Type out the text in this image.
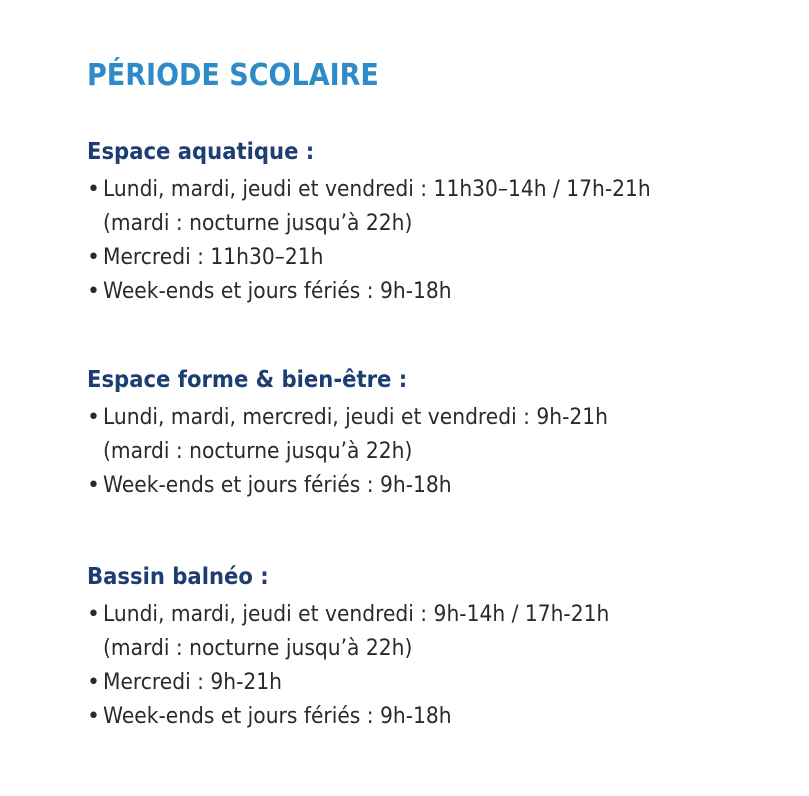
PÉRIODE SCOLAIRE
Espace aquatique :
• Lundi, mardi, jeudi et vendredi : 11h30–14h / 17h-21h
(mardi : nocturne jusqu’à 22h)
• Mercredi : 11h30–21h
• Week-ends et jours fériés : 9h-18h
Espace forme & bien-être :
• Lundi, mardi, mercredi, jeudi et vendredi : 9h-21h
(mardi : nocturne jusqu’à 22h)
• Week-ends et jours fériés : 9h-18h
Bassin balnéo :
• Lundi, mardi, jeudi et vendredi : 9h-14h / 17h-21h
(mardi : nocturne jusqu’à 22h)
• Mercredi : 9h-21h
• Week-ends et jours fériés : 9h-18h
